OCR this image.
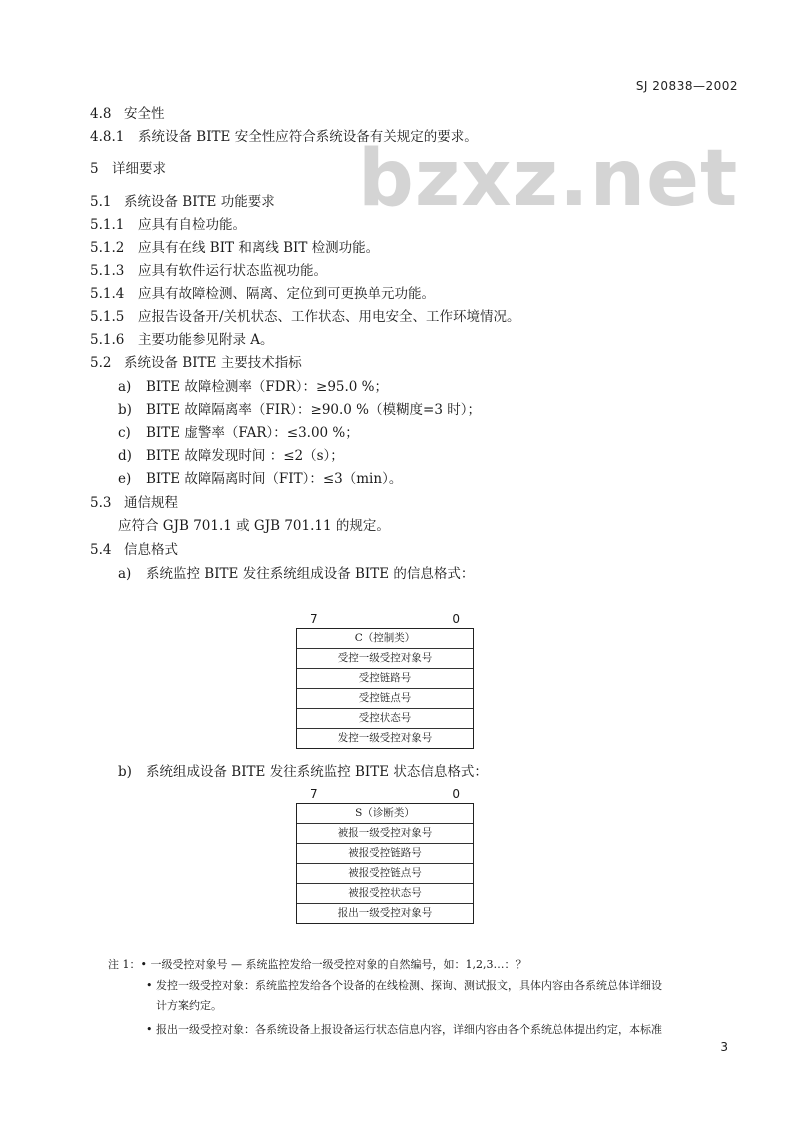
SJ 20838—2002
bzxz.net
4.8 安全性
4.8.1 系统设备 BITE 安全性应符合系统设备有关规定的要求。
5 详细要求
5.1 系统设备 BITE 功能要求
5.1.1 应具有自检功能。
5.1.2 应具有在线 BIT 和离线 BIT 检测功能。
5.1.3 应具有软件运行状态监视功能。
5.1.4 应具有故障检测、隔离、定位到可更换单元功能。
5.1.5 应报告设备开/关机状态、工作状态、用电安全、工作环境情况。
5.1.6 主要功能参见附录 A。
5.2 系统设备 BITE 主要技术指标
a) BITE 故障检测率（FDR）：≥95.0 %；
b) BITE 故障隔离率（FIR）：≥90.0 %（模糊度=3 时）；
c) BITE 虚警率（FAR）：≤3.00 %；
d) BITE 故障发现时间 ：≤2（s）；
e) BITE 故障隔离时间（FIT）：≤3（min）。
5.3 通信规程
应符合 GJB 701.1 或 GJB 701.11 的规定。
5.4 信息格式
a) 系统监控 BITE 发往系统组成设备 BITE 的信息格式：
7	0
C（控制类）
受控一级受控对象号
受控链路号
受控链点号
受控状态号
发控一级受控对象号
b) 系统组成设备 BITE 发往系统监控 BITE 状态信息格式：
7	0
S（诊断类）
被报一级受控对象号
被报受控链路号
被报受控链点号
被报受控状态号
报出一级受控对象号
注 1：• 一级受控对象号 — 系统监控发给一级受控对象的自然编号，如：1,2,3…：？
• 发控一级受控对象：系统监控发给各个设备的在线检测、探询、测试报文，具体内容由各系统总体详细设
计方案约定。
• 报出一级受控对象：各系统设备上报设备运行状态信息内容，详细内容由各个系统总体提出约定，本标准
3
